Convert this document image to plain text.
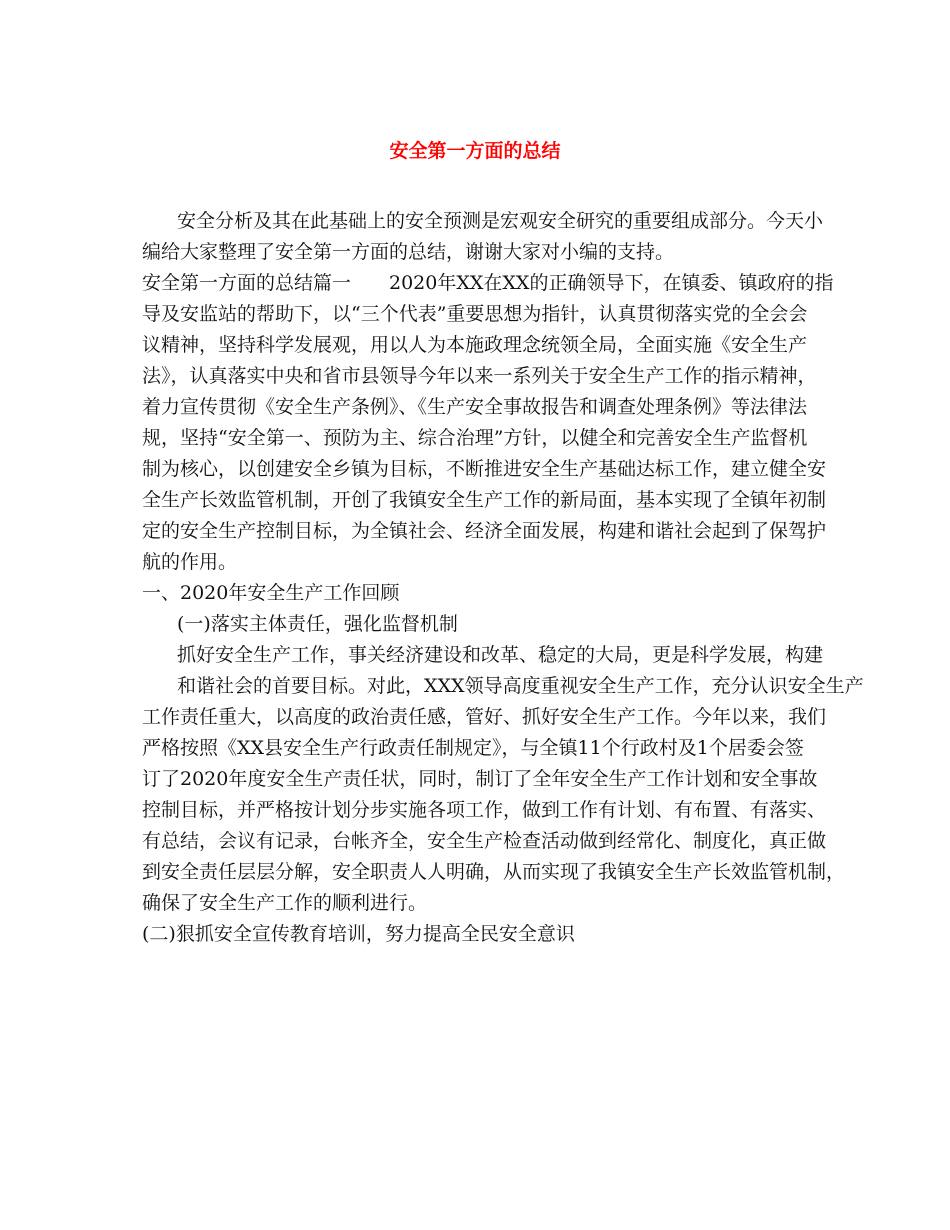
安全第一方面的总结
安全分析及其在此基础上的安全预测是宏观安全研究的重要组成部分。今天小
编给大家整理了安全第一方面的总结，谢谢大家对小编的支持。
安全第一方面的总结篇一　　2020年XX在XX的正确领导下，在镇委、镇政府的指
导及安监站的帮助下，以“三个代表”重要思想为指针，认真贯彻落实党的全会会
议精神，坚持科学发展观，用以人为本施政理念统领全局，全面实施《安全生产
法》，认真落实中央和省市县领导今年以来一系列关于安全生产工作的指示精神，
着力宣传贯彻《安全生产条例》、《生产安全事故报告和调查处理条例》等法律法
规，坚持“安全第一、预防为主、综合治理”方针，以健全和完善安全生产监督机
制为核心，以创建安全乡镇为目标，不断推进安全生产基础达标工作，建立健全安
全生产长效监管机制，开创了我镇安全生产工作的新局面，基本实现了全镇年初制
定的安全生产控制目标，为全镇社会、经济全面发展，构建和谐社会起到了保驾护
航的作用。
一、2020年安全生产工作回顾
(一)落实主体责任，强化监督机制
抓好安全生产工作，事关经济建设和改革、稳定的大局，更是科学发展，构建
和谐社会的首要目标。对此，XXX领导高度重视安全生产工作，充分认识安全生产
工作责任重大，以高度的政治责任感，管好、抓好安全生产工作。今年以来，我们
严格按照《XX县安全生产行政责任制规定》，与全镇11个行政村及1个居委会签
订了2020年度安全生产责任状，同时，制订了全年安全生产工作计划和安全事故
控制目标，并严格按计划分步实施各项工作，做到工作有计划、有布置、有落实、
有总结，会议有记录，台帐齐全，安全生产检查活动做到经常化、制度化，真正做
到安全责任层层分解，安全职责人人明确，从而实现了我镇安全生产长效监管机制，
确保了安全生产工作的顺利进行。
(二)狠抓安全宣传教育培训，努力提高全民安全意识
